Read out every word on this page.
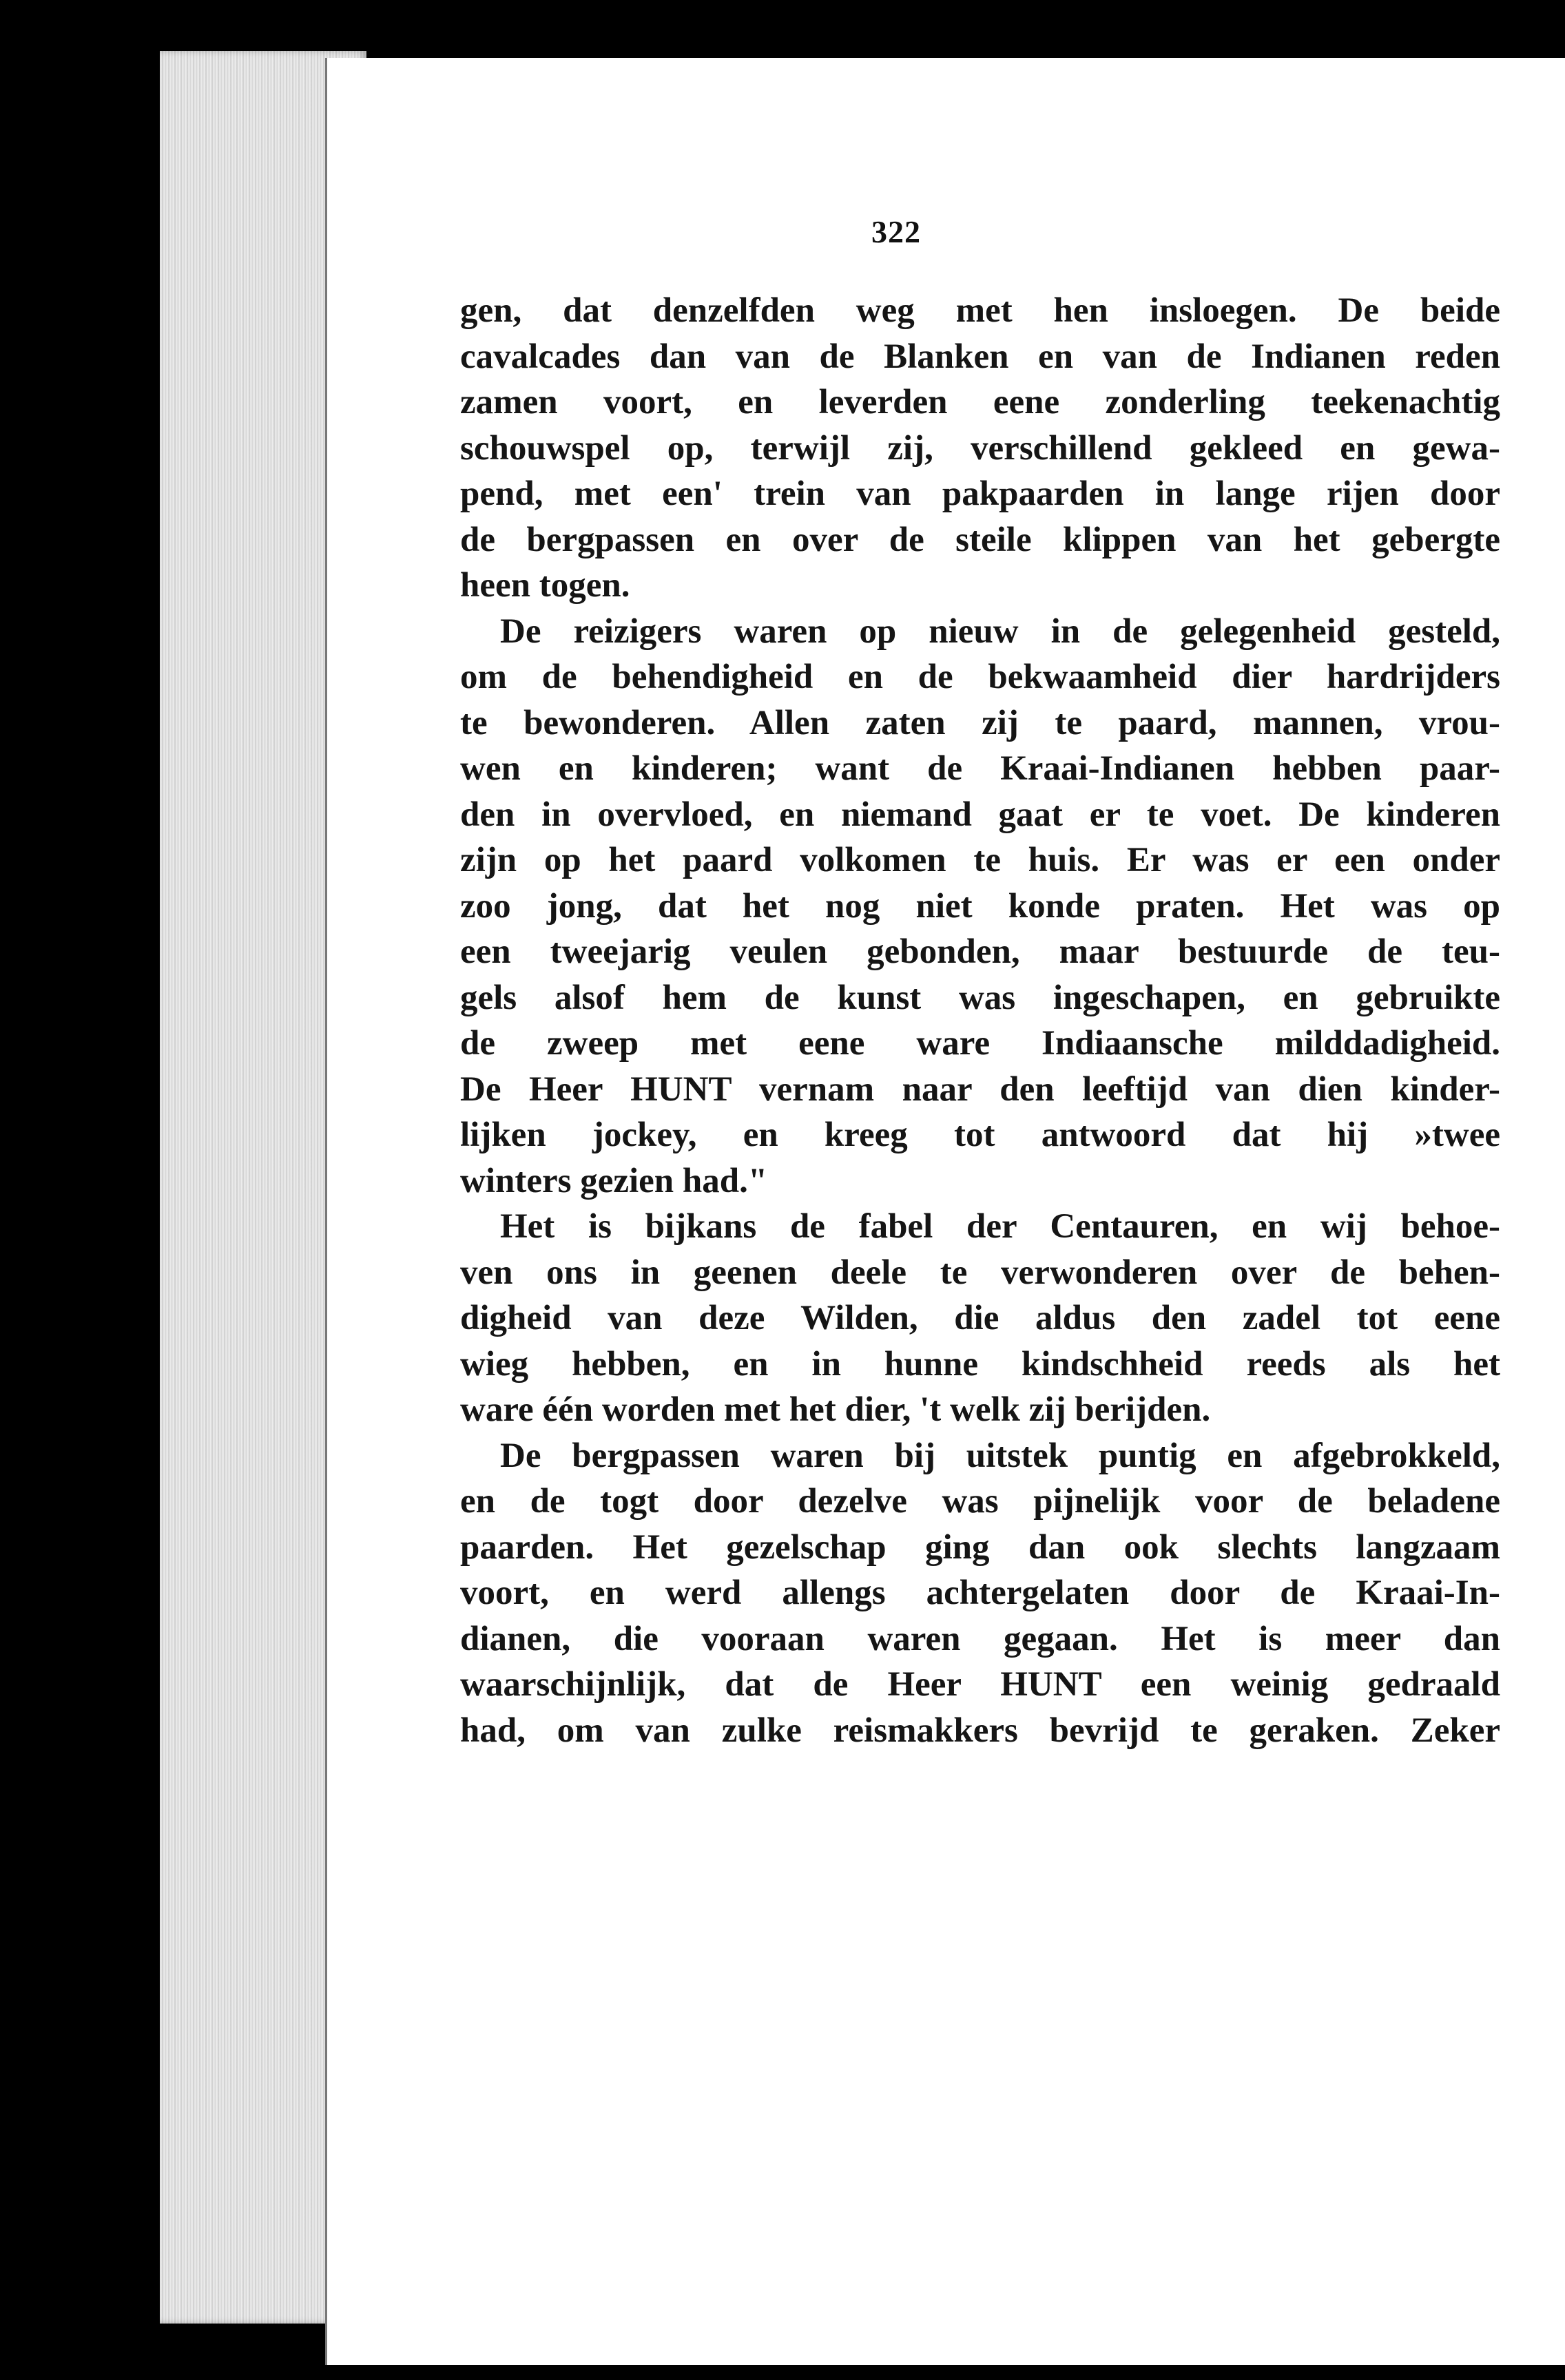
322
gen, dat denzelfden weg met hen insloegen. De beide
cavalcades dan van de Blanken en van de Indianen reden
zamen voort, en leverden eene zonderling teekenachtig
schouwspel op, terwijl zij, verschillend gekleed en gewa-
pend, met een' trein van pakpaarden in lange rijen door
de bergpassen en over de steile klippen van het gebergte
heen togen.
De reizigers waren op nieuw in de gelegenheid gesteld,
om de behendigheid en de bekwaamheid dier hardrijders
te bewonderen. Allen zaten zij te paard, mannen, vrou-
wen en kinderen; want de Kraai-Indianen hebben paar-
den in overvloed, en niemand gaat er te voet. De kinderen
zijn op het paard volkomen te huis. Er was er een onder
zoo jong, dat het nog niet konde praten. Het was op
een tweejarig veulen gebonden, maar bestuurde de teu-
gels alsof hem de kunst was ingeschapen, en gebruikte
de zweep met eene ware Indiaansche milddadigheid.
De Heer HUNT vernam naar den leeftijd van dien kinder-
lijken jockey, en kreeg tot antwoord dat hij »twee
winters gezien had."
Het is bijkans de fabel der Centauren, en wij behoe-
ven ons in geenen deele te verwonderen over de behen-
digheid van deze Wilden, die aldus den zadel tot eene
wieg hebben, en in hunne kindschheid reeds als het
ware één worden met het dier, 't welk zij berijden.
De bergpassen waren bij uitstek puntig en afgebrokkeld,
en de togt door dezelve was pijnelijk voor de beladene
paarden. Het gezelschap ging dan ook slechts langzaam
voort, en werd allengs achtergelaten door de Kraai-In-
dianen, die vooraan waren gegaan. Het is meer dan
waarschijnlijk, dat de Heer HUNT een weinig gedraald
had, om van zulke reismakkers bevrijd te geraken. Zeker
